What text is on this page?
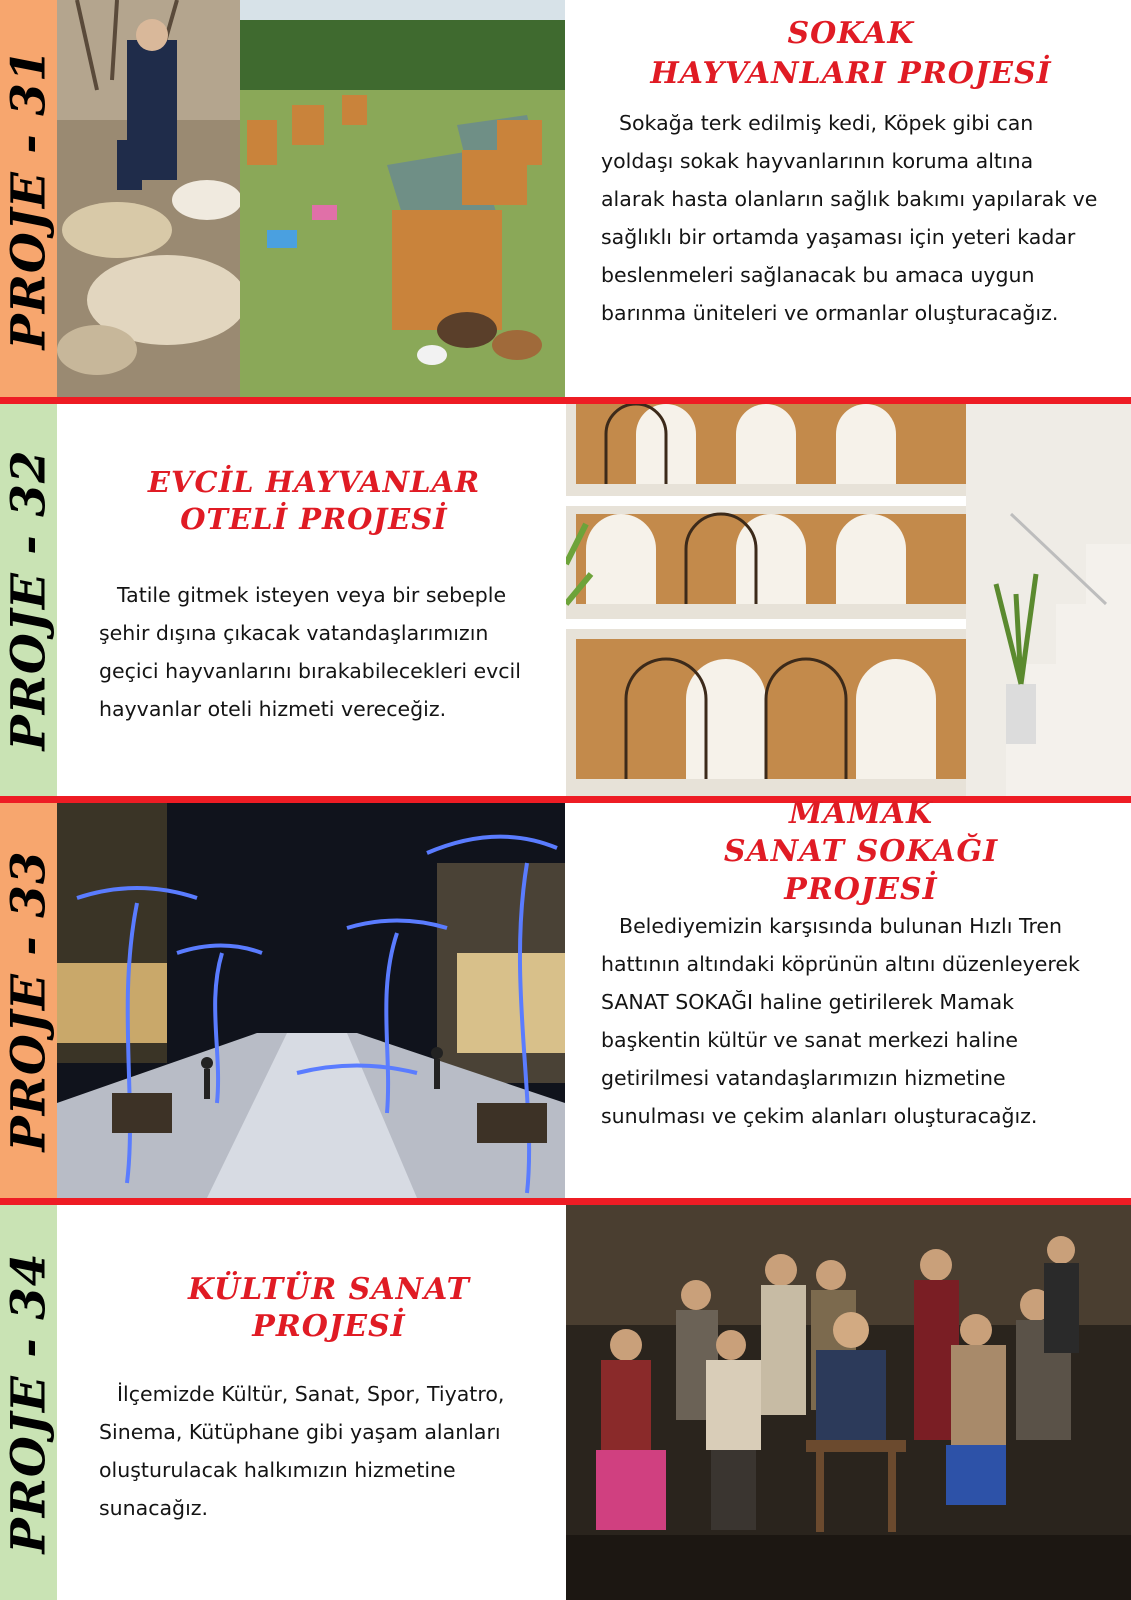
PROJE - 31
SOKAK
HAYVANLARI PROJESİ

Sokağa terk edilmiş kedi, Köpek gibi can yoldaşı sokak hayvanlarının koruma altına alarak hasta olanların sağlık bakımı yapılarak ve sağlıklı bir ortamda yaşaması için yeteri kadar beslenmeleri sağlanacak bu amaca uygun barınma üniteleri ve ormanlar oluşturacağız.

PROJE - 32	EVCİL HAYVANLAR
OTELİ PROJESİ

Tatile gitmek isteyen veya bir sebeple şehir dışına çıkacak vatandaşlarımızın geçici hayvanlarını bırakabilecekleri evcil hayvanlar oteli hizmeti vereceğiz.

PROJE - 33
MAMAK
SANAT SOKAĞI
PROJESİ

Belediyemizin karşısında bulunan Hızlı Tren hattının altındaki köprünün altını düzenleyerek SANAT SOKAĞI haline getirilerek Mamak başkentin kültür ve sanat merkezi haline getirilmesi vatandaşlarımızın hizmetine sunulması ve çekim alanları oluşturacağız.

PROJE - 34	KÜLTÜR SANAT
PROJESİ

İlçemizde Kültür, Sanat, Spor, Tiyatro, Sinema, Kütüphane gibi yaşam alanları oluşturulacak halkımızın hizmetine sunacağız.
